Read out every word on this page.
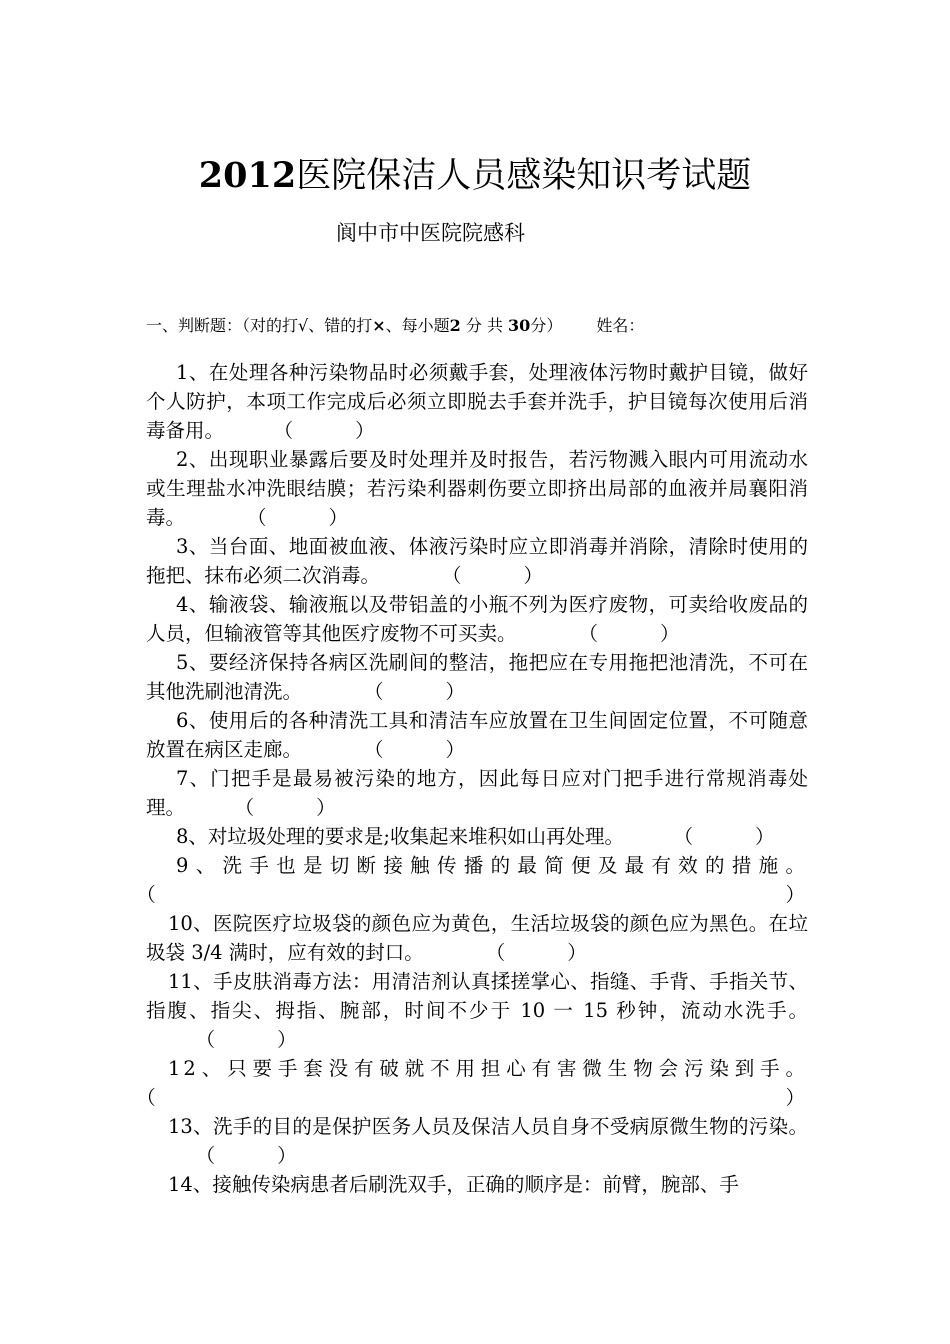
2012医院保洁人员感染知识考试题
阆中市中医院院感科
一、判断题：（对的打√、错的打×、每小题2 分 共 30分） 姓名：

1、在处理各种污染物品时必须戴手套，处理液体污物时戴护目镜，做好个人防护，本项工作完成后必须立即脱去手套并洗手，护目镜每次使用后消毒备用。        （          ）

2、出现职业暴露后要及时处理并及时报告，若污物溅入眼内可用流动水或生理盐水冲洗眼结膜；若污染利器刺伤要立即挤出局部的血液并局襄阳消毒。          （          ）

3、当台面、地面被血液、体液污染时应立即消毒并消除，清除时使用的拖把、抹布必须二次消毒。          （          ）

4、输液袋、输液瓶以及带铝盖的小瓶不列为医疗废物，可卖给收废品的人员，但输液管等其他医疗废物不可买卖。          （          ）

5、要经济保持各病区洗刷间的整洁，拖把应在专用拖把池清洗，不可在其他洗刷池清洗。          （          ）

6、使用后的各种清洗工具和清洁车应放置在卫生间固定位置，不可随意放置在病区走廊。          （          ）

7、门把手是最易被污染的地方，因此每日应对门把手进行常规消毒处理。        （          ）

8、对垃圾处理的要求是;收集起来堆积如山再处理。        （          ）

9、洗手也是切断接触传播的最简便及最有效的措施。（          ）

10、医院医疗垃圾袋的颜色应为黄色，生活垃圾袋的颜色应为黑色。在垃圾袋 3/4 满时，应有效的封口。          （          ）

11、手皮肤消毒方法：用清洁剂认真揉搓掌心、指缝、手背、手指关节、指腹、指尖、拇指、腕部，时间不少于 10 一 15 秒钟，流动水洗手。        （          ）

12、只要手套没有破就不用担心有害微生物会污染到手。（          ）

13、洗手的目的是保护医务人员及保洁人员自身不受病原微生物的污染。        （          ）

14、接触传染病患者后刷洗双手，正确的顺序是：前臂，腕部、手
